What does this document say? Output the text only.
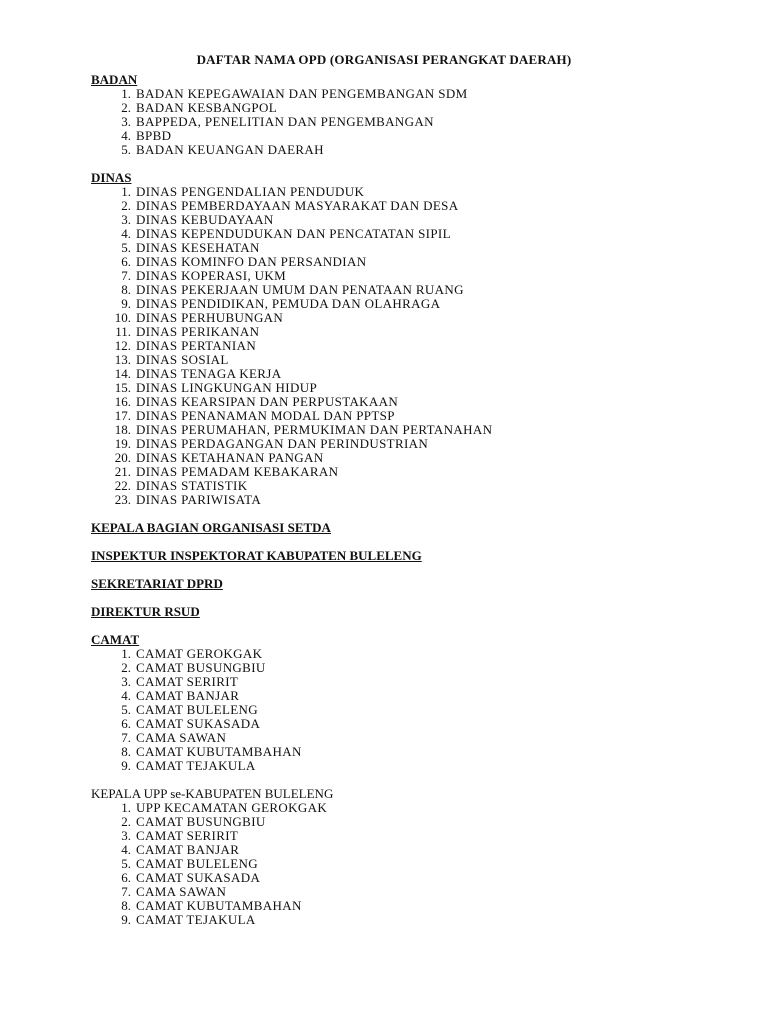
DAFTAR NAMA OPD (ORGANISASI PERANGKAT DAERAH)
BADAN
1. BADAN KEPEGAWAIAN DAN PENGEMBANGAN SDM
2. BADAN KESBANGPOL
3. BAPPEDA, PENELITIAN DAN PENGEMBANGAN
4. BPBD
5. BADAN KEUANGAN DAERAH
DINAS
1. DINAS PENGENDALIAN PENDUDUK
2. DINAS PEMBERDAYAAN MASYARAKAT DAN DESA
3. DINAS KEBUDAYAAN
4. DINAS KEPENDUDUKAN DAN PENCATATAN SIPIL
5. DINAS KESEHATAN
6. DINAS KOMINFO DAN PERSANDIAN
7. DINAS KOPERASI, UKM
8. DINAS PEKERJAAN UMUM DAN PENATAAN RUANG
9. DINAS PENDIDIKAN, PEMUDA DAN OLAHRAGA
10. DINAS PERHUBUNGAN
11. DINAS PERIKANAN
12. DINAS PERTANIAN
13. DINAS SOSIAL
14. DINAS TENAGA KERJA
15. DINAS LINGKUNGAN HIDUP
16. DINAS KEARSIPAN DAN PERPUSTAKAAN
17. DINAS PENANAMAN MODAL DAN PPTSP
18. DINAS PERUMAHAN, PERMUKIMAN DAN PERTANAHAN
19. DINAS PERDAGANGAN DAN PERINDUSTRIAN
20. DINAS KETAHANAN PANGAN
21. DINAS PEMADAM KEBAKARAN
22. DINAS STATISTIK
23. DINAS PARIWISATA
KEPALA BAGIAN ORGANISASI SETDA
INSPEKTUR INSPEKTORAT KABUPATEN BULELENG
SEKRETARIAT DPRD
DIREKTUR RSUD
CAMAT
1. CAMAT GEROKGAK
2. CAMAT BUSUNGBIU
3. CAMAT SERIRIT
4. CAMAT BANJAR
5. CAMAT BULELENG
6. CAMAT SUKASADA
7. CAMA SAWAN
8. CAMAT KUBUTAMBAHAN
9. CAMAT TEJAKULA
KEPALA UPP se-KABUPATEN BULELENG
1. UPP KECAMATAN GEROKGAK
2. CAMAT BUSUNGBIU
3. CAMAT SERIRIT
4. CAMAT BANJAR
5. CAMAT BULELENG
6. CAMAT SUKASADA
7. CAMA SAWAN
8. CAMAT KUBUTAMBAHAN
9. CAMAT TEJAKULA
